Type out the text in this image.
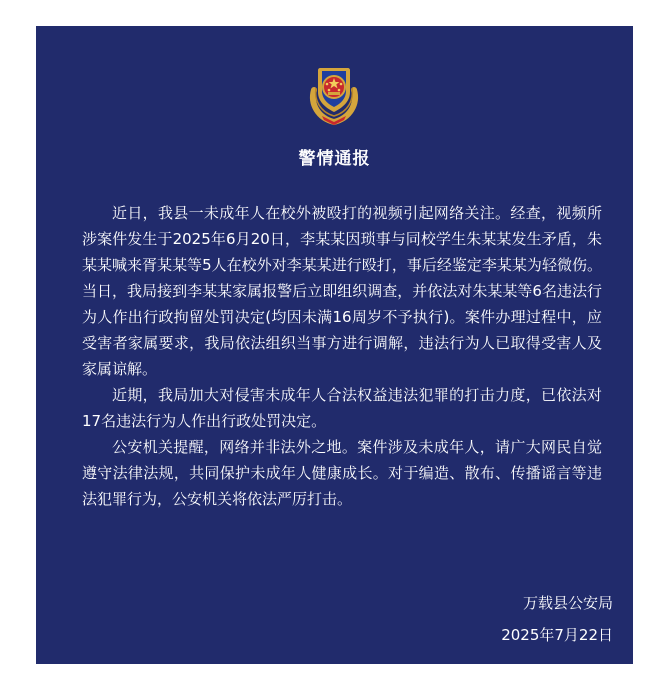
警情通报

近日，我县一未成年人在校外被殴打的视频引起网络关注。经查，视频所涉案件发生于2025年6月20日，李某某因琐事与同校学生朱某某发生矛盾，朱某某喊来胥某某等5人在校外对李某某进行殴打，事后经鉴定李某某为轻微伤。当日，我局接到李某某家属报警后立即组织调查，并依法对朱某某等6名违法行为人作出行政拘留处罚决定(均因未满16周岁不予执行)。案件办理过程中，应受害者家属要求，我局依法组织当事方进行调解，违法行为人已取得受害人及家属谅解。

近期，我局加大对侵害未成年人合法权益违法犯罪的打击力度，已依法对17名违法行为人作出行政处罚决定。

公安机关提醒，网络并非法外之地。案件涉及未成年人，请广大网民自觉遵守法律法规，共同保护未成年人健康成长。对于编造、散布、传播谣言等违法犯罪行为，公安机关将依法严厉打击。

万载县公安局
2025年7月22日
